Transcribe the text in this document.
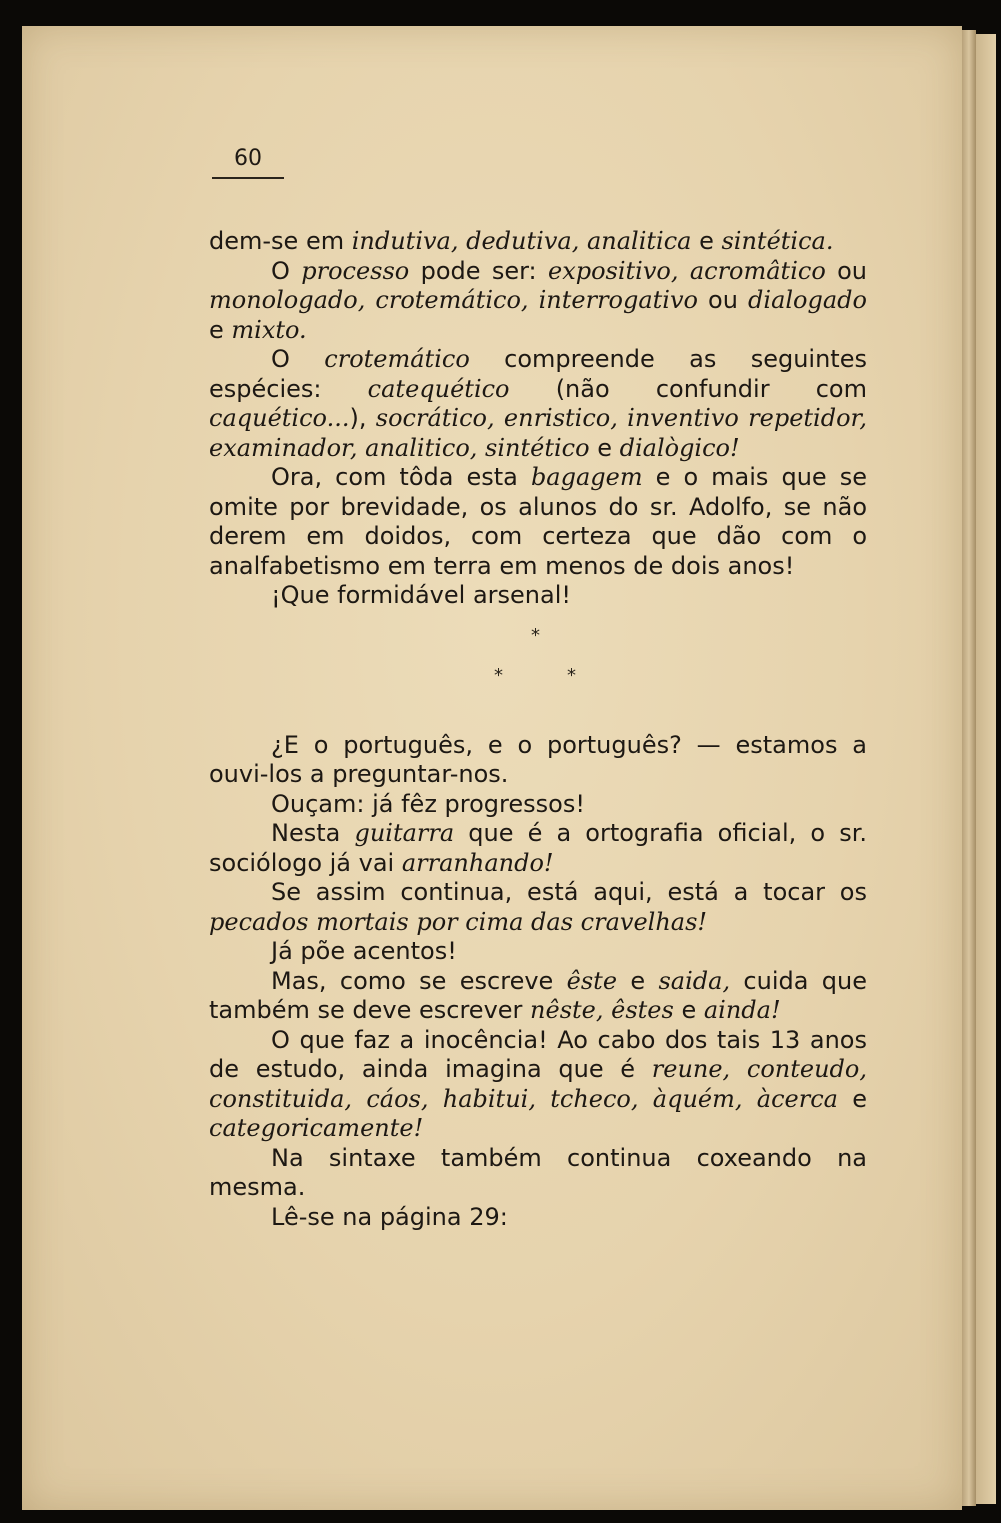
60

dem-se em indutiva, dedutiva, analitica e sintética.

O processo pode ser: expositivo, acromâtico ou monologado, crotemático, interrogativo ou dialogado e mixto.

O crotemático compreende as seguintes espécies: catequético (não confundir com caquético...), socrático, enristico, inventivo repetidor, examinador, analitico, sintético e dialògico!

Ora, com tôda esta bagagem e o mais que se omite por brevidade, os alunos do sr. Adolfo, se não derem em doidos, com certeza que dão com o analfabetismo em terra em menos de dois anos!

¡Que formidável arsenal!

*
*	*

¿E o português, e o português? — estamos a ouvi-los a preguntar-nos.

Ouçam: já fêz progressos!

Nesta guitarra que é a ortografia oficial, o sr. sociólogo já vai arranhando!

Se assim continua, está aqui, está a tocar os pecados mortais por cima das cravelhas!

Já põe acentos!

Mas, como se escreve êste e saida, cuida que também se deve escrever nêste, êstes e ainda!

O que faz a inocência! Ao cabo dos tais 13 anos de estudo, ainda imagina que é reune, conteudo, constituida, cáos, habitui, tcheco, àquém, àcerca e categoricamente!

Na sintaxe também continua coxeando na mesma.

Lê-se na página 29:
